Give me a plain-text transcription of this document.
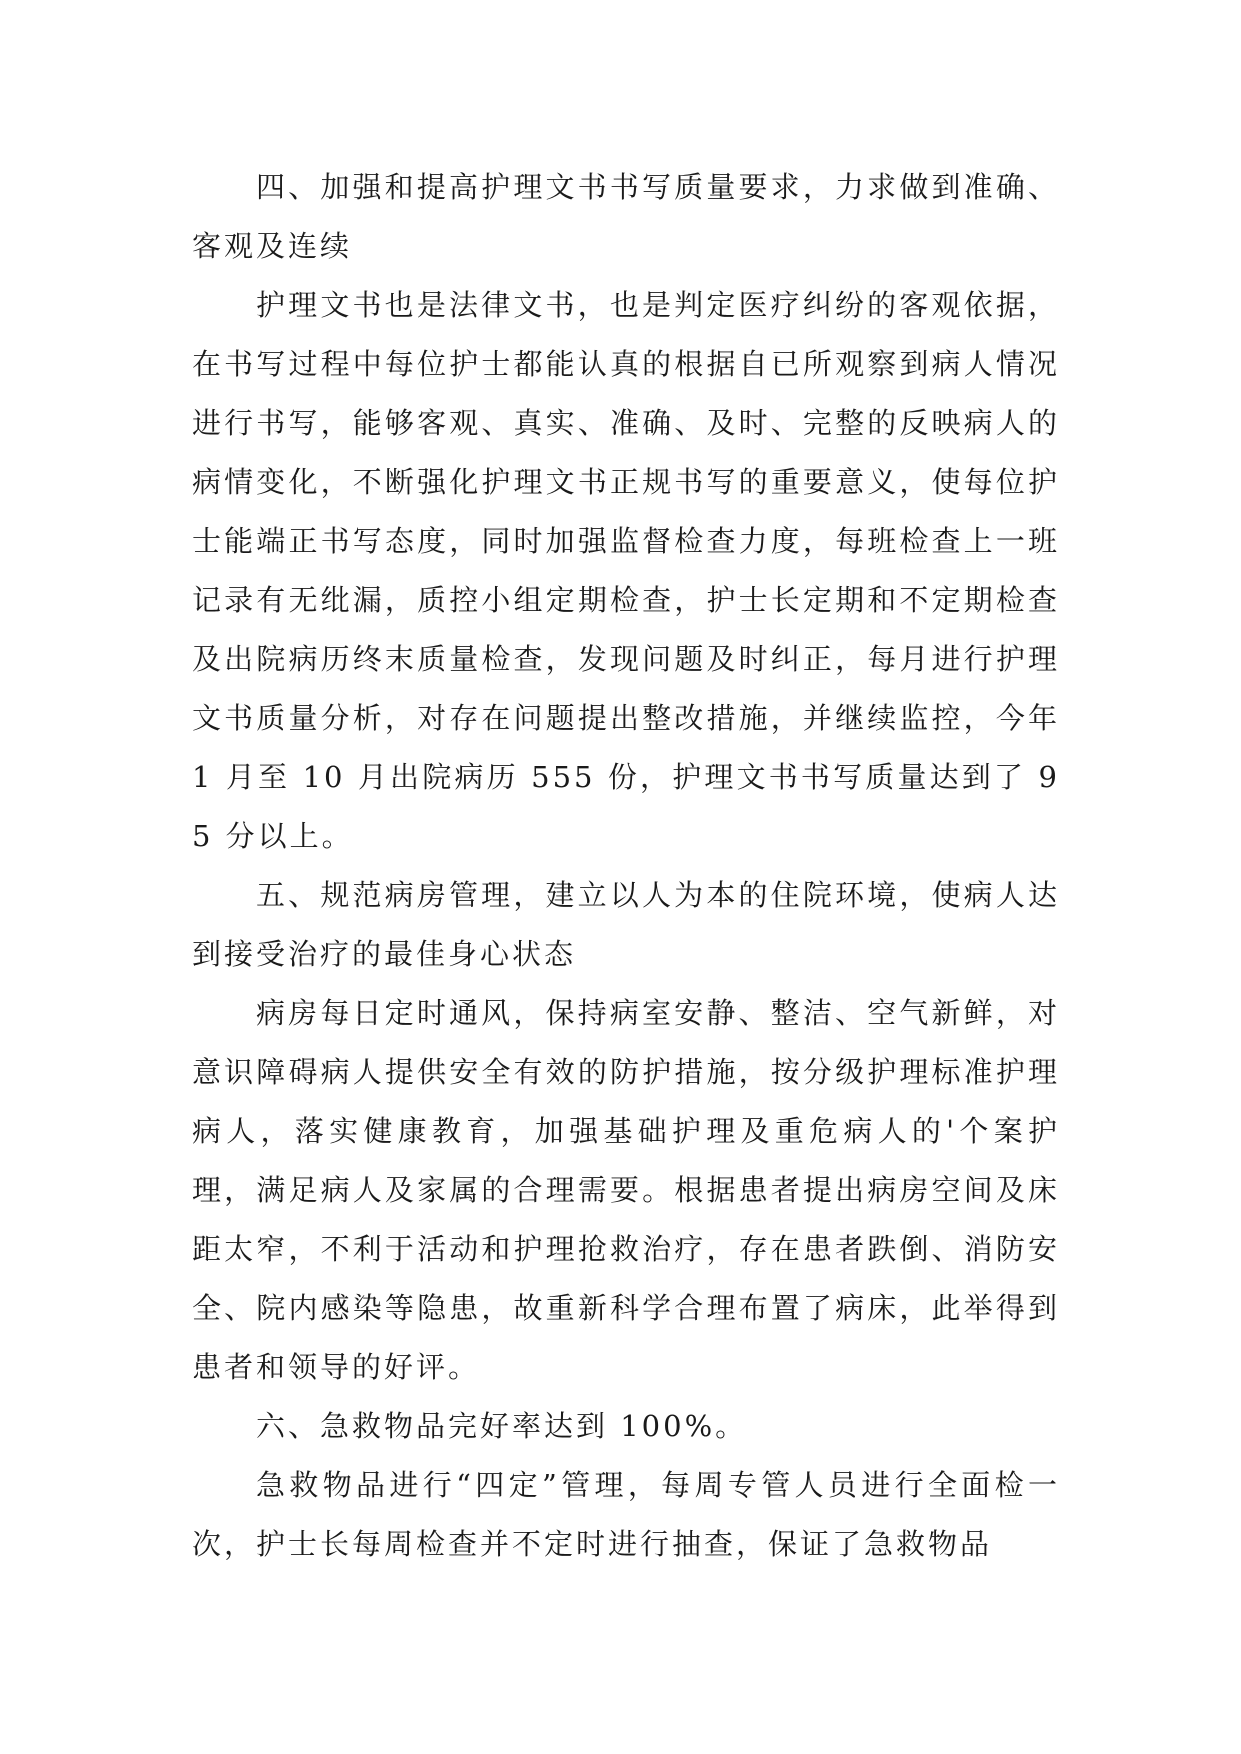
四、加强和提高护理文书书写质量要求，力求做到准确、客观及连续

护理文书也是法律文书，也是判定医疗纠纷的客观依据，在书写过程中每位护士都能认真的根据自已所观察到病人情况进行书写，能够客观、真实、准确、及时、完整的反映病人的病情变化，不断强化护理文书正规书写的重要意义，使每位护士能端正书写态度，同时加强监督检查力度，每班检查上一班记录有无纰漏，质控小组定期检查，护士长定期和不定期检查及出院病历终末质量检查，发现问题及时纠正，每月进行护理文书质量分析，对存在问题提出整改措施，并继续监控，今年 1 月至 10 月出院病历 555 份，护理文书书写质量达到了 95 分以上。

五、规范病房管理，建立以人为本的住院环境，使病人达到接受治疗的最佳身心状态

病房每日定时通风，保持病室安静、整洁、空气新鲜，对意识障碍病人提供安全有效的防护措施，按分级护理标准护理病人，落实健康教育，加强基础护理及重危病人的'个案护理，满足病人及家属的合理需要。根据患者提出病房空间及床距太窄，不利于活动和护理抢救治疗，存在患者跌倒、消防安全、院内感染等隐患，故重新科学合理布置了病床，此举得到患者和领导的好评。

六、急救物品完好率达到 100%。

急救物品进行“四定”管理，每周专管人员进行全面检一次，护士长每周检查并不定时进行抽查，保证了急救物品
